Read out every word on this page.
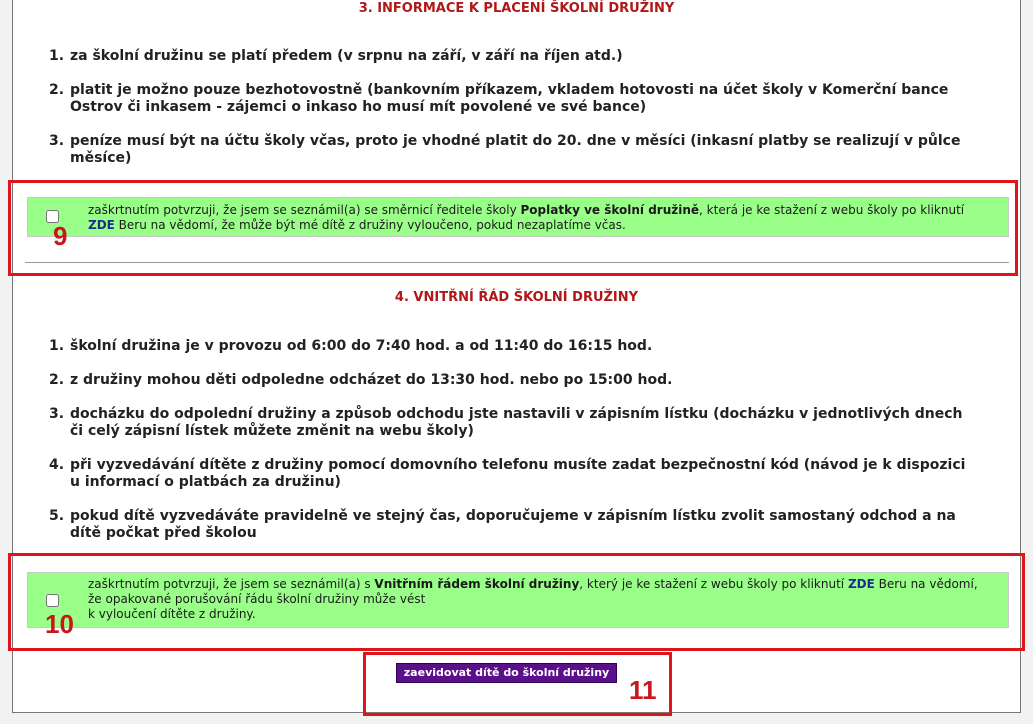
3. INFORMACE K PLACENÍ ŠKOLNÍ DRUŽINY
1. za školní družinu se platí předem (v srpnu na září, v září na říjen atd.)
2. platit je možno pouze bezhotovostně (bankovním příkazem, vkladem hotovosti na účet školy v Komerční bance Ostrov či inkasem - zájemci o inkaso ho musí mít povolené ve své bance)
3. peníze musí být na účtu školy včas, proto je vhodné platit do 20. dne v měsíci (inkasní platby se realizují v půlce měsíce)
zaškrtnutím potvrzuji, že jsem se seznámil(a) se směrnicí ředitele školy Poplatky ve školní družině, která je ke stažení z webu školy po kliknutí ZDE Beru na vědomí, že může být mé dítě z družiny vyloučeno, pokud nezaplatíme včas.
4. VNITŘNÍ ŘÁD ŠKOLNÍ DRUŽINY
1. školní družina je v provozu od 6:00 do 7:40 hod. a od 11:40 do 16:15 hod.
2. z družiny mohou děti odpoledne odcházet do 13:30 hod. nebo po 15:00 hod.
3. docházku do odpolední družiny a způsob odchodu jste nastavili v zápisním lístku (docházku v jednotlivých dnech či celý zápisní lístek můžete změnit na webu školy)
4. při vyzvedávání dítěte z družiny pomocí domovního telefonu musíte zadat bezpečnostní kód (návod je k dispozici u informací o platbách za družinu)
5. pokud dítě vyzvedáváte pravidelně ve stejný čas, doporučujeme v zápisním lístku zvolit samostaný odchod a na dítě počkat před školou
zaškrtnutím potvrzuji, že jsem se seznámil(a) s Vnitřním řádem školní družiny, který je ke stažení z webu školy po kliknutí ZDE Beru na vědomí, že opakované porušování řádu školní družiny může vést
k vyloučení dítěte z družiny.
zaevidovat dítě do školní družiny
9
10
11
